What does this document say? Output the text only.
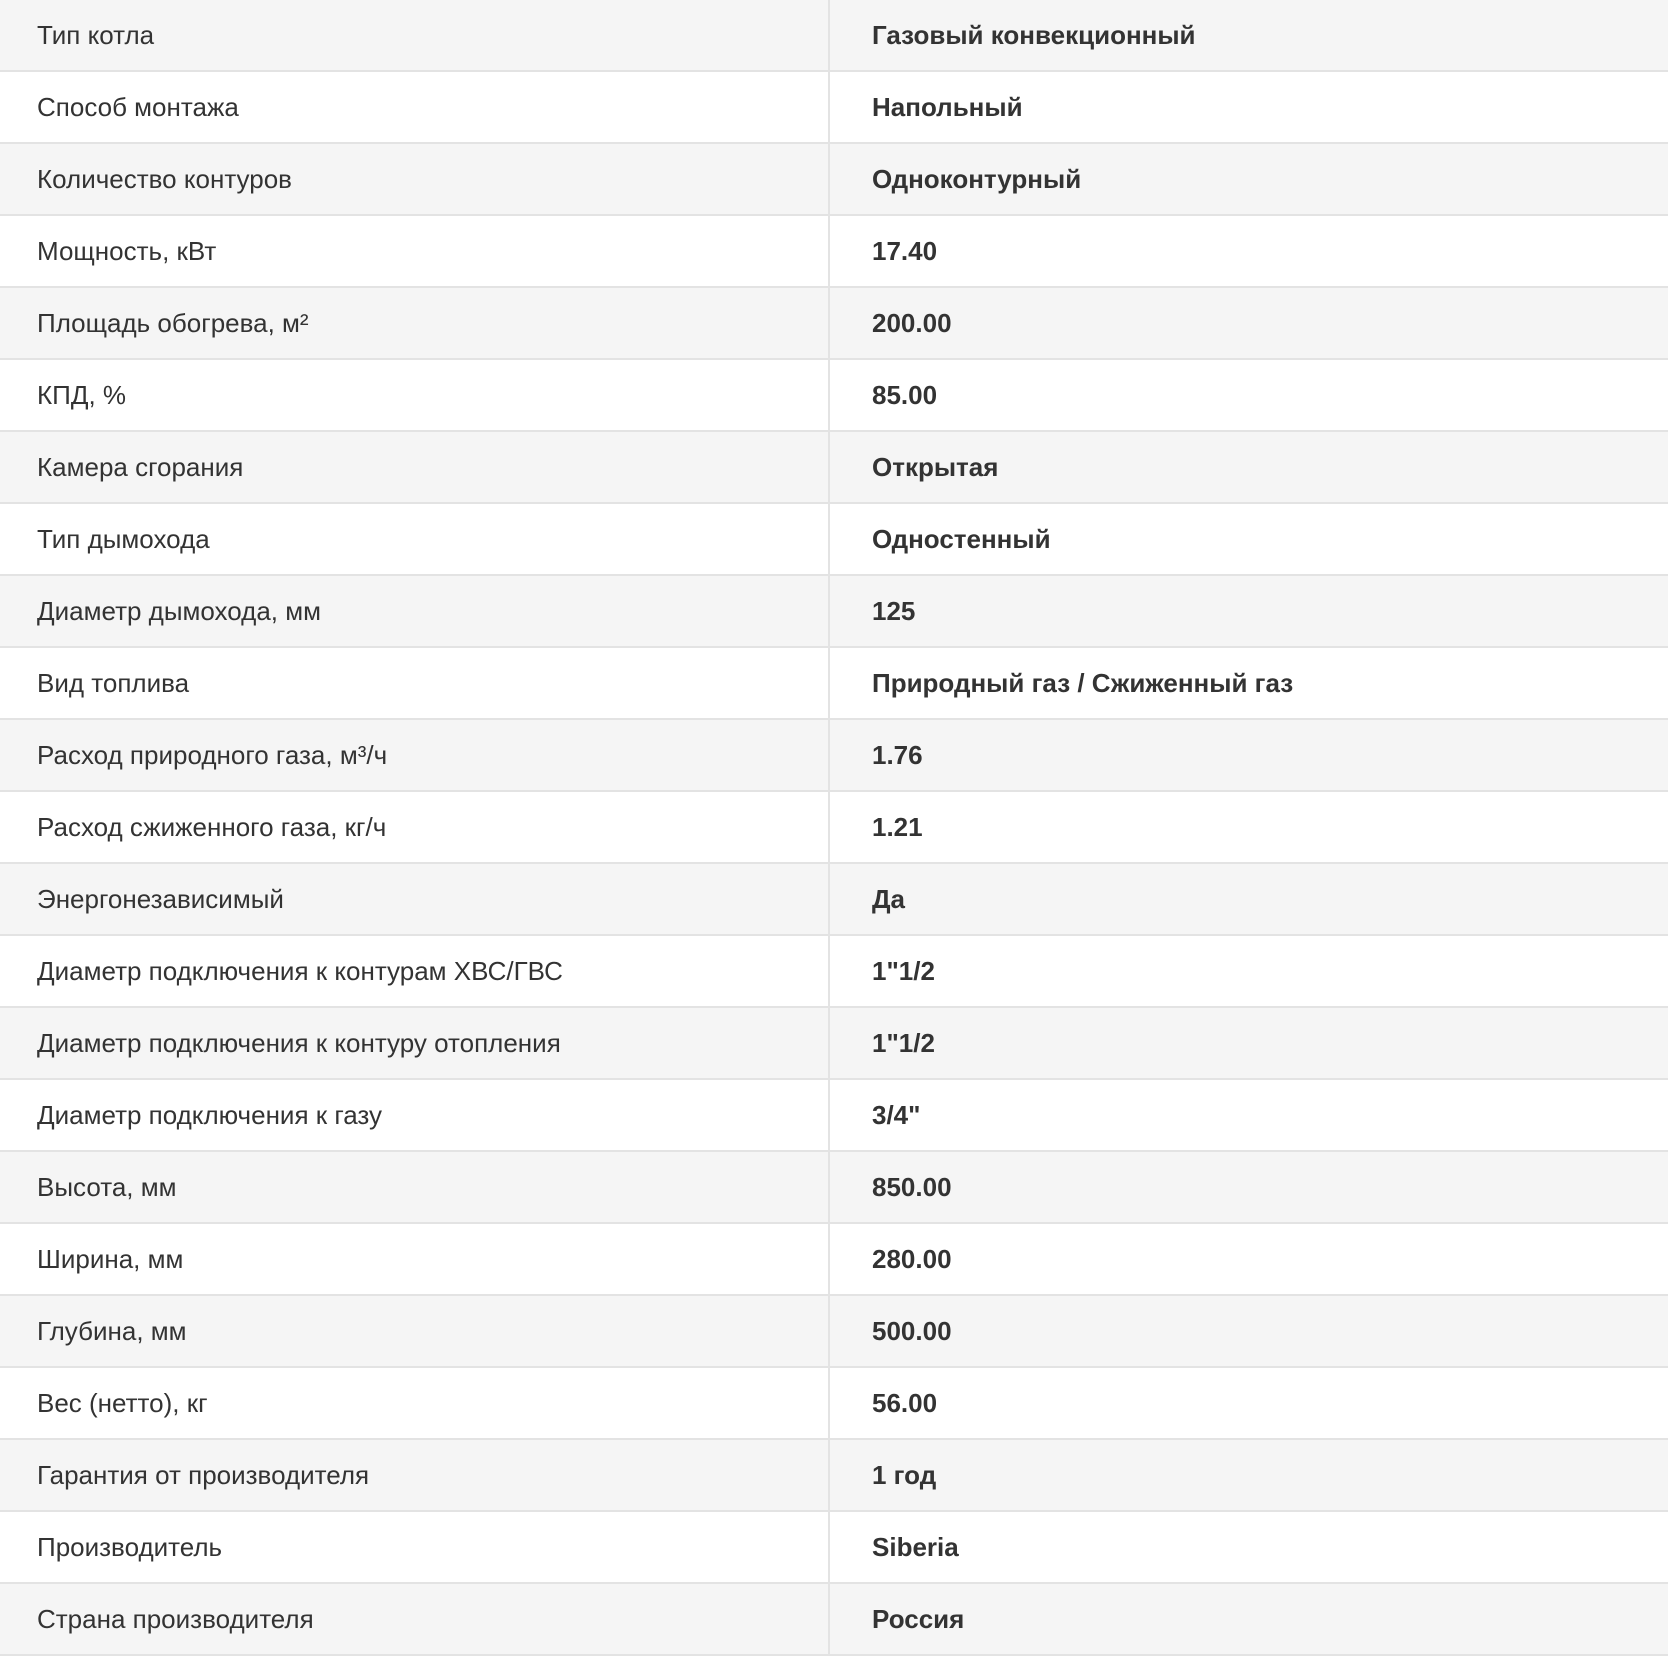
Тип котла	Газовый конвекционный
Способ монтажа	Напольный
Количество контуров	Одноконтурный
Мощность, кВт	17.40
Площадь обогрева, м²	200.00
КПД, %	85.00
Камера сгорания	Открытая
Тип дымохода	Одностенный
Диаметр дымохода, мм	125
Вид топлива	Природный газ / Сжиженный газ
Расход природного газа, м³/ч	1.76
Расход сжиженного газа, кг/ч	1.21
Энергонезависимый	Да
Диаметр подключения к контурам ХВС/ГВС	1"1/2
Диаметр подключения к контуру отопления	1"1/2
Диаметр подключения к газу	3/4"
Высота, мм	850.00
Ширина, мм	280.00
Глубина, мм	500.00
Вес (нетто), кг	56.00
Гарантия от производителя	1 год
Производитель	Siberia
Страна производителя	Россия
